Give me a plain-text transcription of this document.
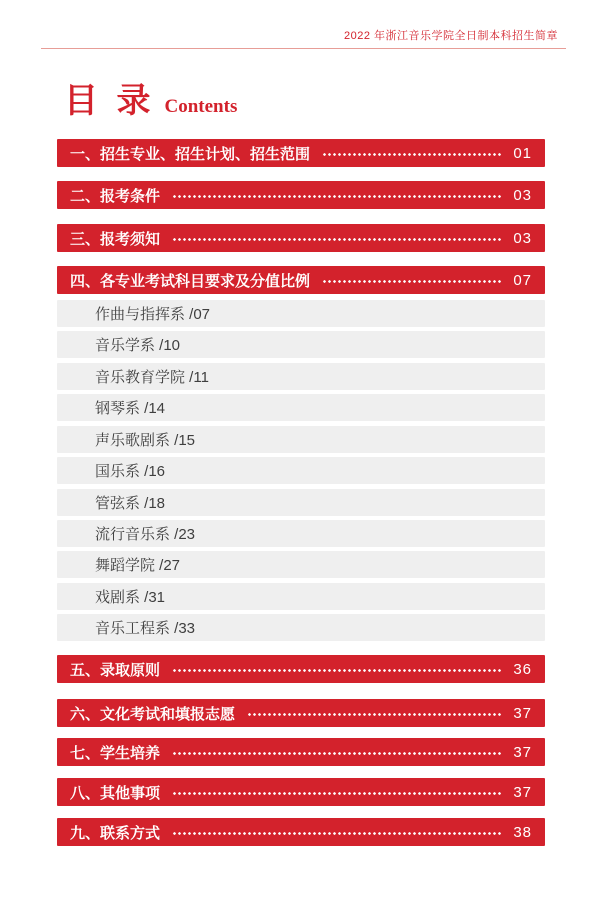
2022 年浙江音乐学院全日制本科招生简章
目 录 Contents
一、招生专业、招生计划、招生范围	01
二、报考条件	03
三、报考须知	03
四、各专业考试科目要求及分值比例	07
作曲与指挥系 /07
音乐学系 /10
音乐教育学院 /11
钢琴系 /14
声乐歌剧系 /15
国乐系 /16
管弦系 /18
流行音乐系 /23
舞蹈学院 /27
戏剧系 /31
音乐工程系 /33
五、录取原则	36
六、文化考试和填报志愿	37
七、学生培养	37
八、其他事项	37
九、联系方式	38
